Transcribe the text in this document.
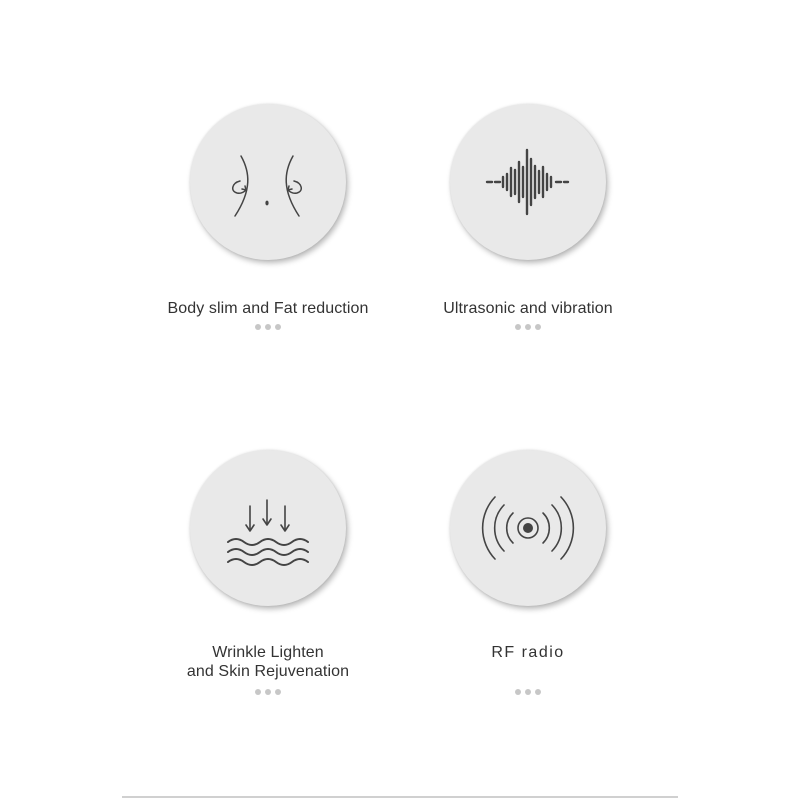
Body slim and Fat reduction	Ultrasonic and vibration
Wrinkle Lighten
and Skin Rejuvenation
RF radio
